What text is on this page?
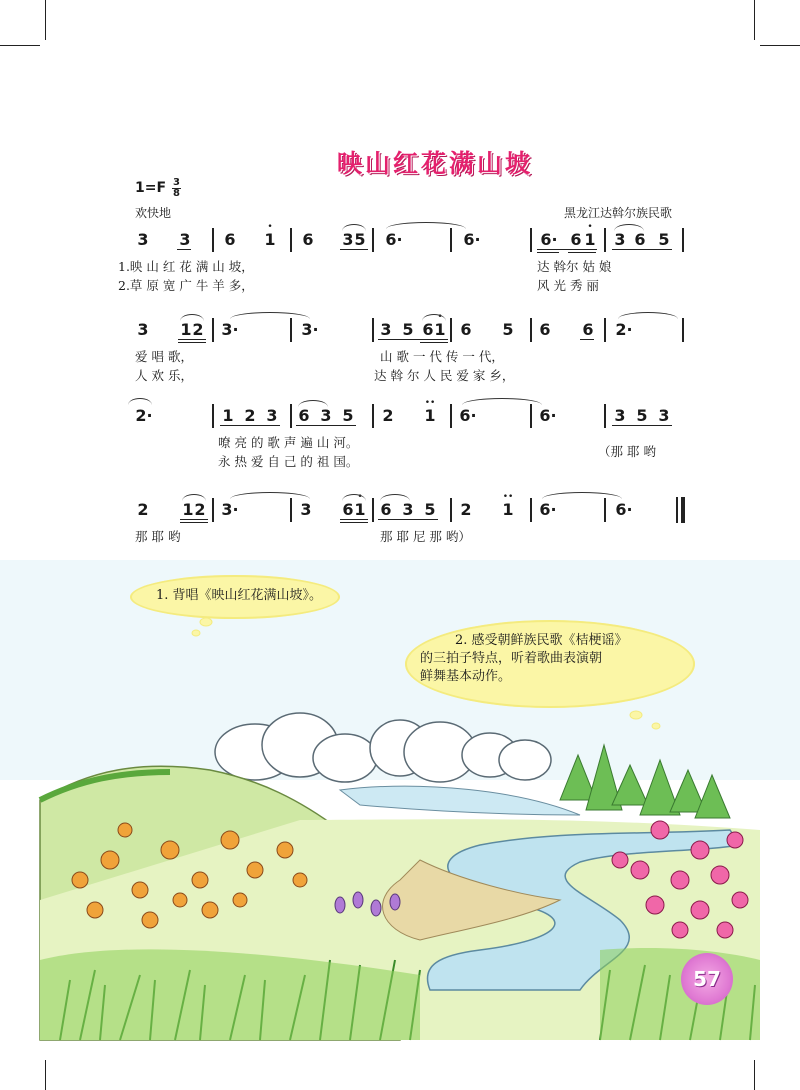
映山红花满山坡
1=F 3
8
欢快地	黑龙江达斡尔族民歌
3 3 6 1
•
6 3 5 6·	6·	6· 6 1
•
3 6 5
1.映 山 红 花 满 山 坡，	达 斡尔 姑 娘
2.草 原 宽 广 牛 羊 多，	风 光 秀 丽
3 1 2 3·	3·	3 5 6 1
•
6 5 6 6 2·
爱 唱 歌，	山 歌 一 代 传 一 代，
人 欢 乐，	达 斡 尔 人 民 爱 家 乡，
2·	1 2 3 6 3 5 2 1
••
6·	6·	3 5 3
嘹 亮 的 歌 声 遍 山 河。
永 热 爱 自 己 的 祖 国。
（那 耶 哟
2 1 2 3·	3 6 1
•
6 3 5 2 1
••
6·	6·
那 耶 哟	那 耶 尼 那 哟）
1. 背唱《映山红花满山坡》。
2. 感受朝鲜族民歌《桔梗谣》
的三拍子特点，听着歌曲表演朝
鲜舞基本动作。
57
